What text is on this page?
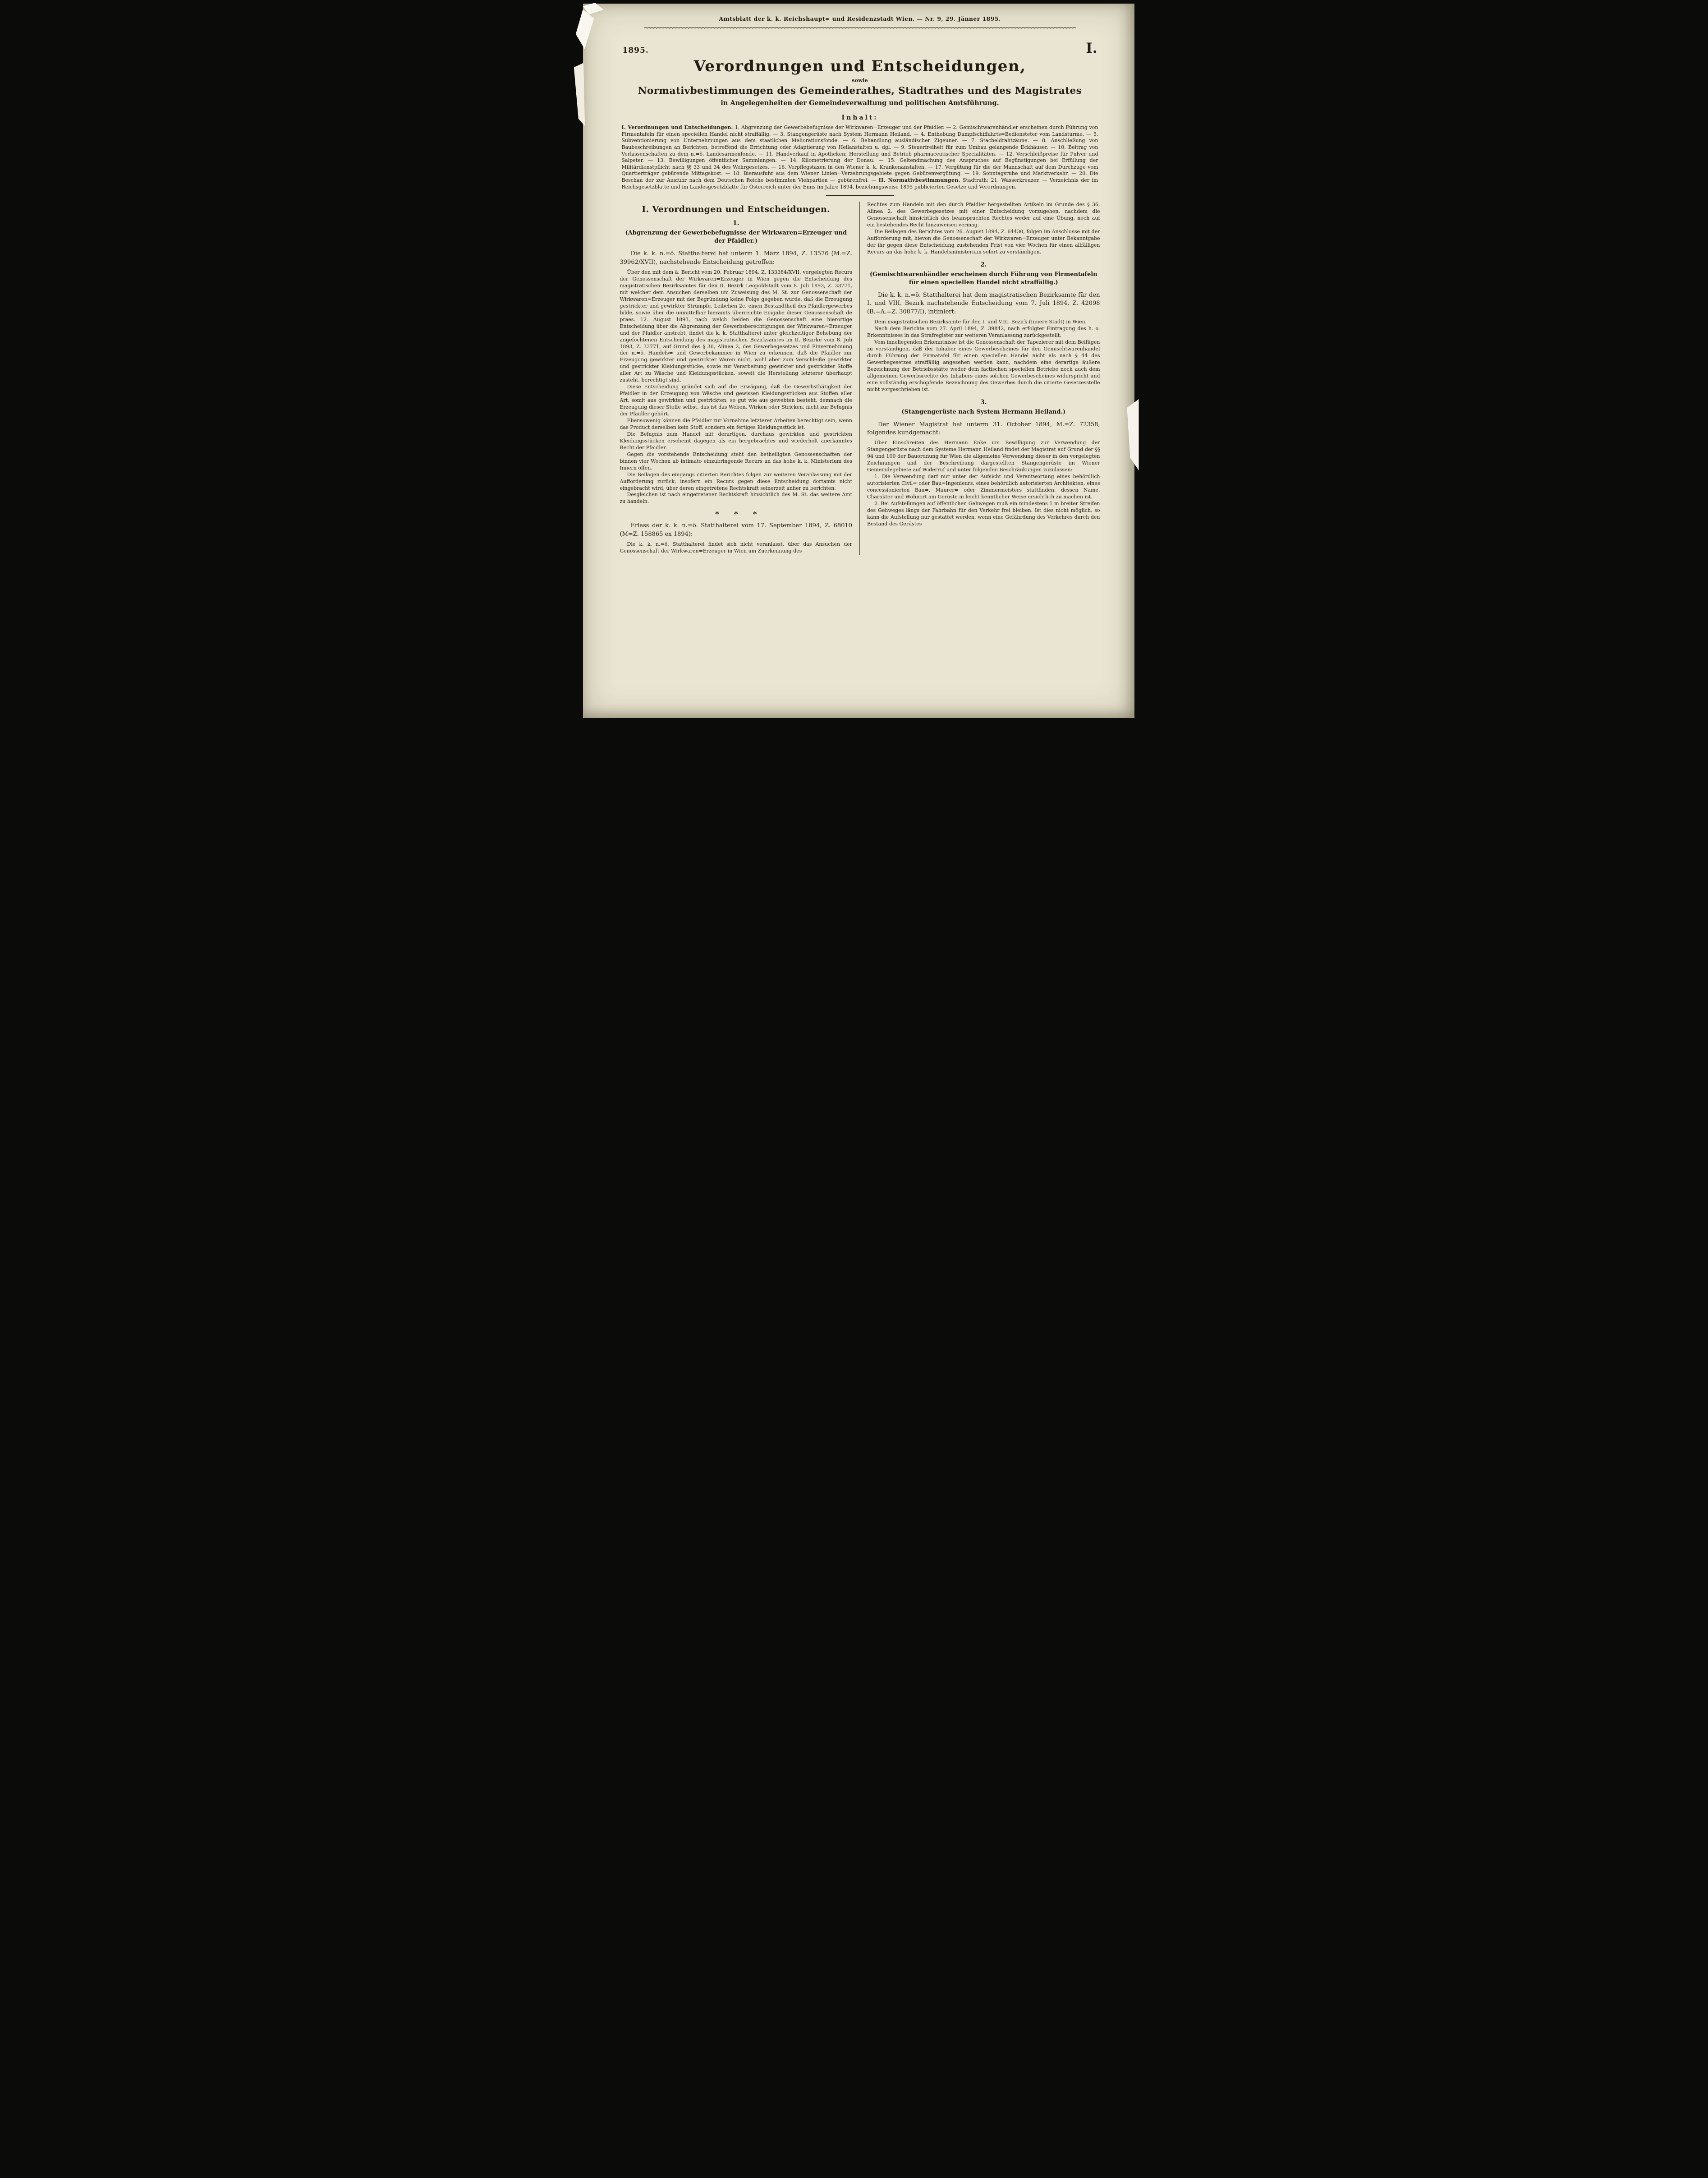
Amtsblatt der k. k. Reichshaupt= und Residenzstadt Wien. — Nr. 9, 29. Jänner 1895.
1895.	I.
Verordnungen und Entscheidungen,
sowie
Normativbestimmungen des Gemeinderathes, Stadtrathes und des Magistrates
in Angelegenheiten der Gemeindeverwaltung und politischen Amtsführung.
Inhalt:

I. Verordnungen und Entscheidungen: 1. Abgrenzung der Gewerbebefugnisse der Wirkwaren=Erzeuger und der Pfaidler. — 2. Gemischtwarenhändler erscheinen durch Führung von Firmentafeln für einen speciellen Handel nicht straffällig. — 3. Stangengerüste nach System Hermann Heiland. — 4. Enthebung Dampfschiffahrts=Bediensteter vom Landsturme. — 5. Subventionierung von Unternehmungen aus dem staatlichen Meliorationsfonde. — 6. Behandlung ausländischer Zigeuner. — 7. Stacheldrahtzäune. — 8. Anschließung von Baubeschreibungen an Berichten, betreffend die Errichtung oder Adaptierung von Heilanstalten u. dgl. — 9. Steuerfreiheit für zum Umbau gelangende Eckhäuser. — 10. Beitrag von Verlassenschaften zu dem n.=ö. Landesarmenfonde. — 11. Handverkauf in Apotheken; Herstellung und Betrieb pharmaceutischer Specialitäten. — 12. Verschleißpreise für Pulver und Salpeter. — 13. Bewilligungen öffentlicher Sammlungen. — 14. Kilometrierung der Donau. — 15. Geltendmachung des Anspruches auf Begünstigungen bei Erfüllung der Militärdienstpflicht nach §§ 33 und 34 des Wehrgesetzes. — 16. Verpflegstaxen in den Wiener k. k. Krankenanstalten. — 17. Vergütung für die der Mannschaft auf dem Durchzuge vom Quartierträger gebürende Mittagskost. — 18. Bierausfuhr aus dem Wiener Linien=Verzehrungsgebiete gegen Gebürenvergütung. — 19. Sonntagsruhe und Marktverkehr. — 20. Die Beschau der zur Ausfuhr nach dem Deutschen Reiche bestimmten Viehpartien — gebürenfrei. — II. Normativbestimmungen. Stadtrath: 21. Wasserkreuzer. — Verzeichnis der im Reichsgesetzblatte und im Landesgesetzblatte für Österreich unter der Enns im Jahre 1894, beziehungsweise 1895 publicierten Gesetze und Verordnungen.

I. Verordnungen und Entscheidungen.
1.
(Abgrenzung der Gewerbebefugnisse der Wirkwaren=Erzeuger und der Pfaidler.)

Die k. k. n.=ö. Statthalterei hat unterm 1. März 1894, Z. 13576 (M.=Z. 39962/XVII), nachstehende Entscheidung getroffen:

Über den mit dem ä. Bericht vom 20. Februar 1894, Z. 133384/XVII, vorgelegten Recurs der Genossenschaft der Wirkwaren=Erzeuger in Wien gegen die Entscheidung des magistratischen Bezirksamtes für den II. Bezirk Leopoldstadt vom 8. Juli 1893, Z. 33771, mit welcher dem Ansuchen derselben um Zuweisung des M. St. zur Genossenschaft der Wirkwaren=Erzeuger mit der Begründung keine Folge gegeben wurde, daß die Erzeugung gestrickter und gewirkter Strümpfe, Leibchen 2c. einen Bestandtheil des Pfaidlergewerbes bilde, sowie über die unmittelbar hieramts überreichte Eingabe dieser Genossenschaft de praes. 12. August 1893, nach welch beiden die Genossenschaft eine hierortige Entscheidung über die Abgrenzung der Gewerbsberechtigungen der Wirkwaren=Erzeuger und der Pfaidler anstrebt, findet die k. k. Statthalterei unter gleichzeitiger Behebung der angefochtenen Entscheidung des magistratischen Bezirksamtes im II. Bezirke vom 8. Juli 1893, Z. 33771, auf Grund des § 36, Alinea 2, des Gewerbegesetzes und Einvernehmung der n.=ö. Handels= und Gewerbekammer in Wien zu erkennen, daß die Pfaidler zur Erzeugung gewirkter und gestrickter Waren nicht, wohl aber zum Verschleiße gewirkter und gestrickter Kleidungsstücke, sowie zur Verarbeitung gewirkter und gestrickter Stoffe aller Art zu Wäsche und Kleidungsstücken, soweit die Herstellung letzterer überhaupt zusteht, berechtigt sind.

Diese Entscheidung gründet sich auf die Erwägung, daß die Gewerbsthätigkeit der Pfaidler in der Erzeugung von Wäsche und gewissen Kleidungsstücken aus Stoffen aller Art, somit aus gewirkten und gestrickten, so gut wie aus gewebten besteht, demnach die Erzeugung dieser Stoffe selbst, das ist das Weben, Wirken oder Stricken, nicht zur Befugnis der Pfaidler gehört.

Ebensowenig können die Pfaidler zur Vornahme letzterer Arbeiten berechtigt sein, wenn das Product derselben kein Stoff, sondern ein fertiges Kleidungsstück ist.

Die Befugnis zum Handel mit derartigen, durchaus gewirkten und gestrickten Kleidungsstücken erscheint dagegen als ein hergebrachtes und wiederholt anerkanntes Recht der Pfaidler.

Gegen die vorstehende Entscheidung steht den betheiligten Genossenschaften der binnen vier Wochen ab intimato einzubringende Recurs an das hohe k. k. Ministerium des Innern offen.

Die Beilagen des eingangs citierten Berichtes folgen zur weiteren Veranlassung mit der Aufforderung zurück, insofern ein Recurs gegen diese Entscheidung dortamts nicht eingebracht wird, über deren eingetretene Rechtskraft seinerzeit anher zu berichten.

Desgleichen ist nach eingetretener Rechtskraft hinsichtlich des M. St. das weitere Amt zu handeln.

* * *

Erlass der k. k. n.=ö. Statthalterei vom 17. September 1894, Z. 68010 (M=Z. 158865 ex 1894):

Die k. k. n.=ö. Statthalterei findet sich nicht veranlasst, über das Ansuchen der Genossenschaft der Wirkwaren=Erzeuger in Wien um Zuerkennung des

Rechtes zum Handeln mit den durch Pfaidler hergestellten Artikeln im Grunde des § 36, Alinea 2, des Gewerbegesetzes mit einer Entscheidung vorzugehen, nachdem die Genossenschaft hinsichtlich des beanspruchten Rechtes weder auf eine Übung, noch auf ein bestehendes Recht hinzuweisen vermag.

Die Beilagen des Berichtes vom 26. August 1894, Z. 64430, folgen im Anschlusse mit der Aufforderung mit, hievon die Genossenschaft der Wirkwaren=Erzeuger unter Bekanntgabe der ihr gegen diese Entscheidung zustehenden Frist von vier Wochen für einen allfälligen Recurs an das hohe k. k. Handelsministerium sofort zu verständigen.

2.
(Gemischtwarenhändler erscheinen durch Führung von Firmentafeln für einen speciellen Handel nicht straffällig.)

Die k. k. n.=ö. Statthalterei hat dem magistratischen Bezirksamte für den I. und VIII. Bezirk nachstehende Entscheidung vom 7. Juli 1894, Z. 42098 (B.=A.=Z. 30877/I), intimiert:

Dem magistratischen Bezirksamte für den I. und VIII. Bezirk (Innere Stadt) in Wien.

Nach dem Berichte vom 27. April 1894, Z. 39842, nach erfolgter Eintragung des h. o. Erkenntnisses in das Strafregister zur weiteren Veranlassung zurückgestellt.

Vom inneliegenden Erkenntnisse ist die Genossenschaft der Tapezierer mit dem Beifügen zu verständigen, daß der Inhaber eines Gewerbescheines für den Gemischtwarenhandel durch Führung der Firmatafel für einen speciellen Handel nicht als nach § 44 des Gewerbegesetzes straffällig angesehen werden kann, nachdem eine derartige äußere Bezeichnung der Betriebsstätte weder dem factischen speciellen Betriebe noch auch dem allgemeinen Gewerbsrechte des Inhabers eines solchen Gewerbescheines widerspricht und eine vollständig erschöpfende Bezeichnung des Gewerbes durch die citierte Gesetzesstelle nicht vorgeschrieben ist.

3.
(Stangengerüste nach System Hermann Heiland.)

Der Wiener Magistrat hat unterm 31. October 1894, M.=Z. 72358, folgendes kundgemacht:

Über Einschreiten des Hermann Enke um Bewilligung zur Verwendung der Stangengerüste nach dem Systeme Hermann Heiland findet der Magistrat auf Grund der §§ 94 und 100 der Bauordnung für Wien die allgemeine Verwendung dieser in den vorgelegten Zeichnungen und der Beschreibung dargestellten Stangengerüste im Wiener Gemeindegebiete auf Widerruf und unter folgenden Beschränkungen zuzulassen:

1. Die Verwendung darf nur unter der Aufsicht und Verantwortung eines behördlich autorisierten Civil= oder Bau=Ingenieurs, eines behördlich autorisierten Architekten, eines concessionierten Bau=, Maurer= oder Zimmermeisters stattfinden, dessen Name, Charakter und Wohnort am Gerüste in leicht kenntlicher Weise ersichtlich zu machen ist.

2. Bei Aufstellungen auf öffentlichen Gehwegen muß ein mindestens 1 m breiter Streifen des Gehweges längs der Fahrbahn für den Verkehr frei bleiben. Ist dies nicht möglich, so kann die Aufstellung nur gestattet werden, wenn eine Gefährdung des Verkehres durch den Bestand des Gerüstes
